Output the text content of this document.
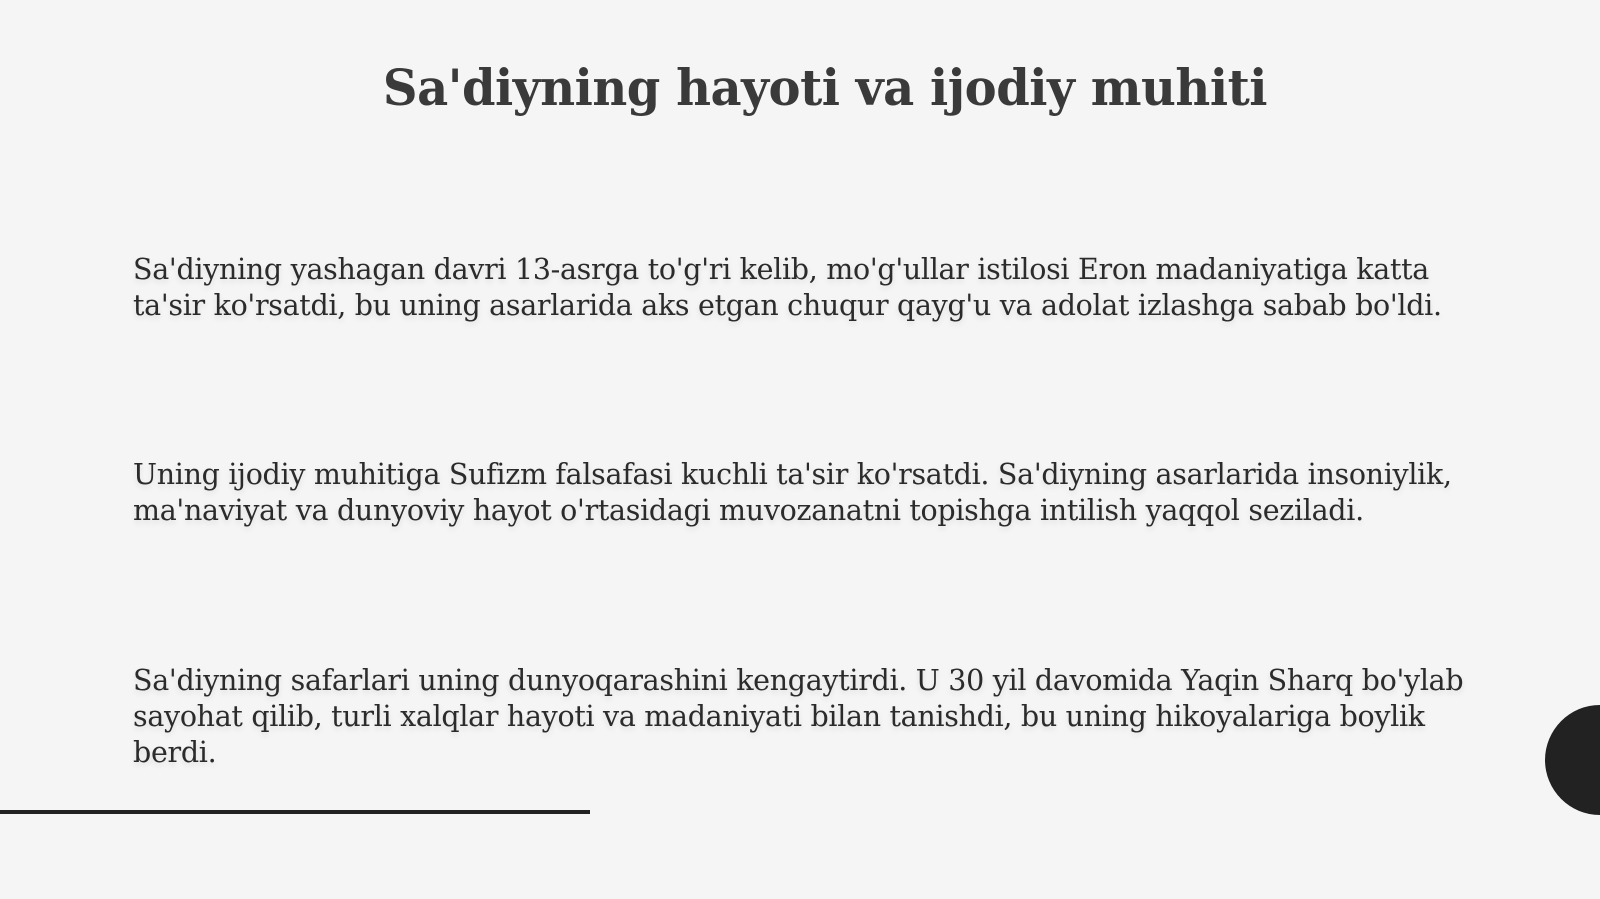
Sa'diyning hayoti va ijodiy muhiti
Sa'diyning yashagan davri 13-asrga to'g'ri kelib, mo'g'ullar istilosi Eron madaniyatiga katta ta'sir ko'rsatdi, bu uning asarlarida aks etgan chuqur qayg'u va adolat izlashga sabab bo'ldi.
Uning ijodiy muhitiga Sufizm falsafasi kuchli ta'sir ko'rsatdi. Sa'diyning asarlarida insoniylik, ma'naviyat va dunyoviy hayot o'rtasidagi muvozanatni topishga intilish yaqqol seziladi.
Sa'diyning safarlari uning dunyoqarashini kengaytirdi. U 30 yil davomida Yaqin Sharq bo'ylab sayohat qilib, turli xalqlar hayoti va madaniyati bilan tanishdi, bu uning hikoyalariga boylik berdi.
